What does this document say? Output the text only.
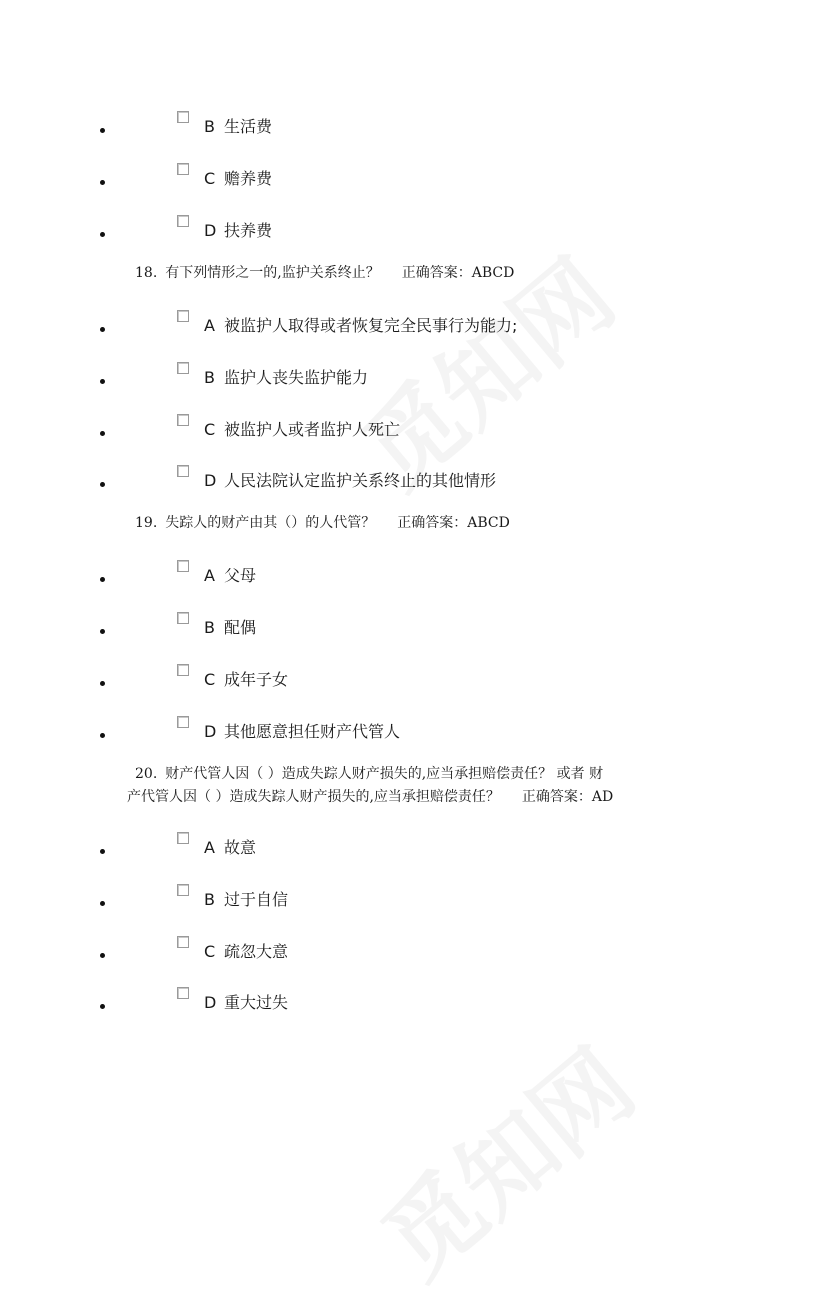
B 生活费
C 赡养费
D 扶养费
18. 有下列情形之一的,监护关系终止？ 正确答案：ABCD
A 被监护人取得或者恢复完全民事行为能力;
B 监护人丧失监护能力
C 被监护人或者监护人死亡
D 人民法院认定监护关系终止的其他情形
19. 失踪人的财产由其（）的人代管？ 正确答案：ABCD
A 父母
B 配偶
C 成年子女
D 其他愿意担任财产代管人
20. 财产代管人因（ ）造成失踪人财产损失的,应当承担赔偿责任？ 或者 财
产代管人因（ ）造成失踪人财产损失的,应当承担赔偿责任？ 正确答案：AD
A 故意
B 过于自信
C 疏忽大意
D 重大过失
